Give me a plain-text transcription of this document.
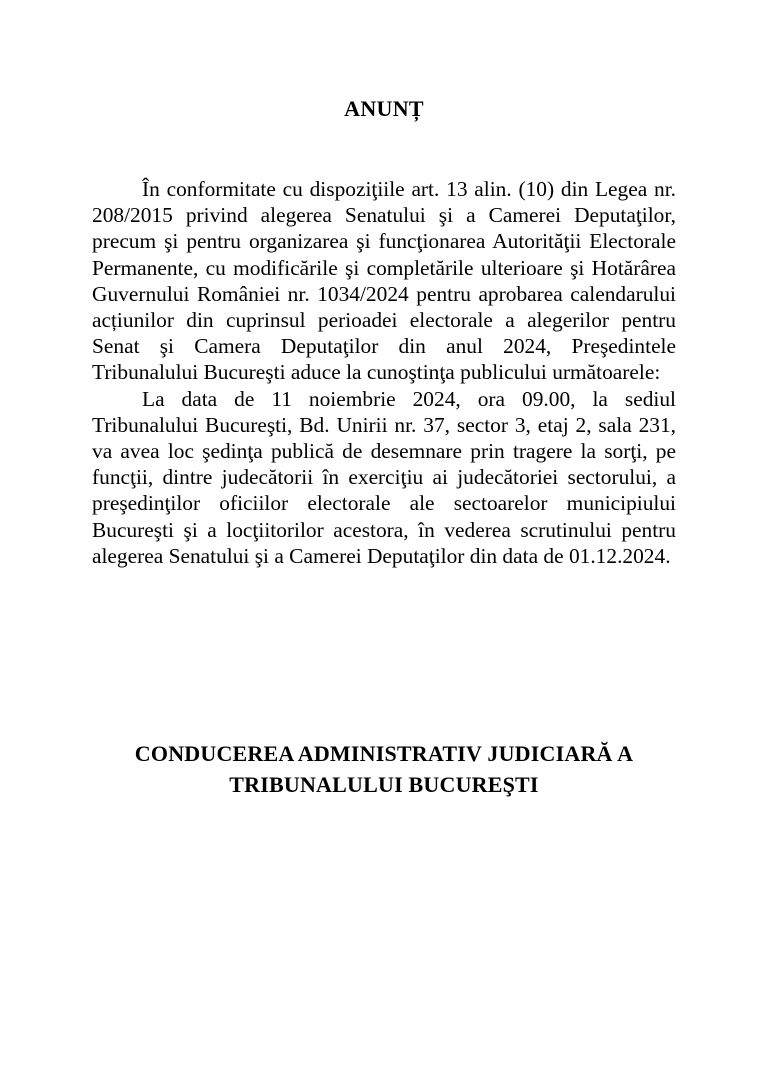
ANUNȚ

În conformitate cu dispoziţiile art. 13 alin. (10) din Legea nr. 208/2015 privind alegerea Senatului şi a Camerei Deputaţilor, precum şi pentru organizarea şi funcţionarea Autorităţii Electorale Permanente, cu modificările şi completările ulterioare şi Hotărârea Guvernului României nr. 1034/2024 pentru aprobarea calendarului acțiunilor din cuprinsul perioadei electorale a alegerilor pentru Senat şi Camera Deputaţilor din anul 2024, Preşedintele Tribunalului Bucureşti aduce la cunoştinţa publicului următoarele:

La data de 11 noiembrie 2024, ora 09.00, la sediul Tribunalului Bucureşti, Bd. Unirii nr. 37, sector 3, etaj 2, sala 231, va avea loc şedinţa publică de desemnare prin tragere la sorţi, pe funcţii, dintre judecătorii în exerciţiu ai judecătoriei sectorului, a preşedinţilor oficiilor electorale ale sectoarelor municipiului Bucureşti şi a locţiitorilor acestora, în vederea scrutinului pentru alegerea Senatului şi a Camerei Deputaţilor din data de 01.12.2024.

CONDUCEREA ADMINISTRATIV JUDICIARĂ A
TRIBUNALULUI BUCUREŞTI
